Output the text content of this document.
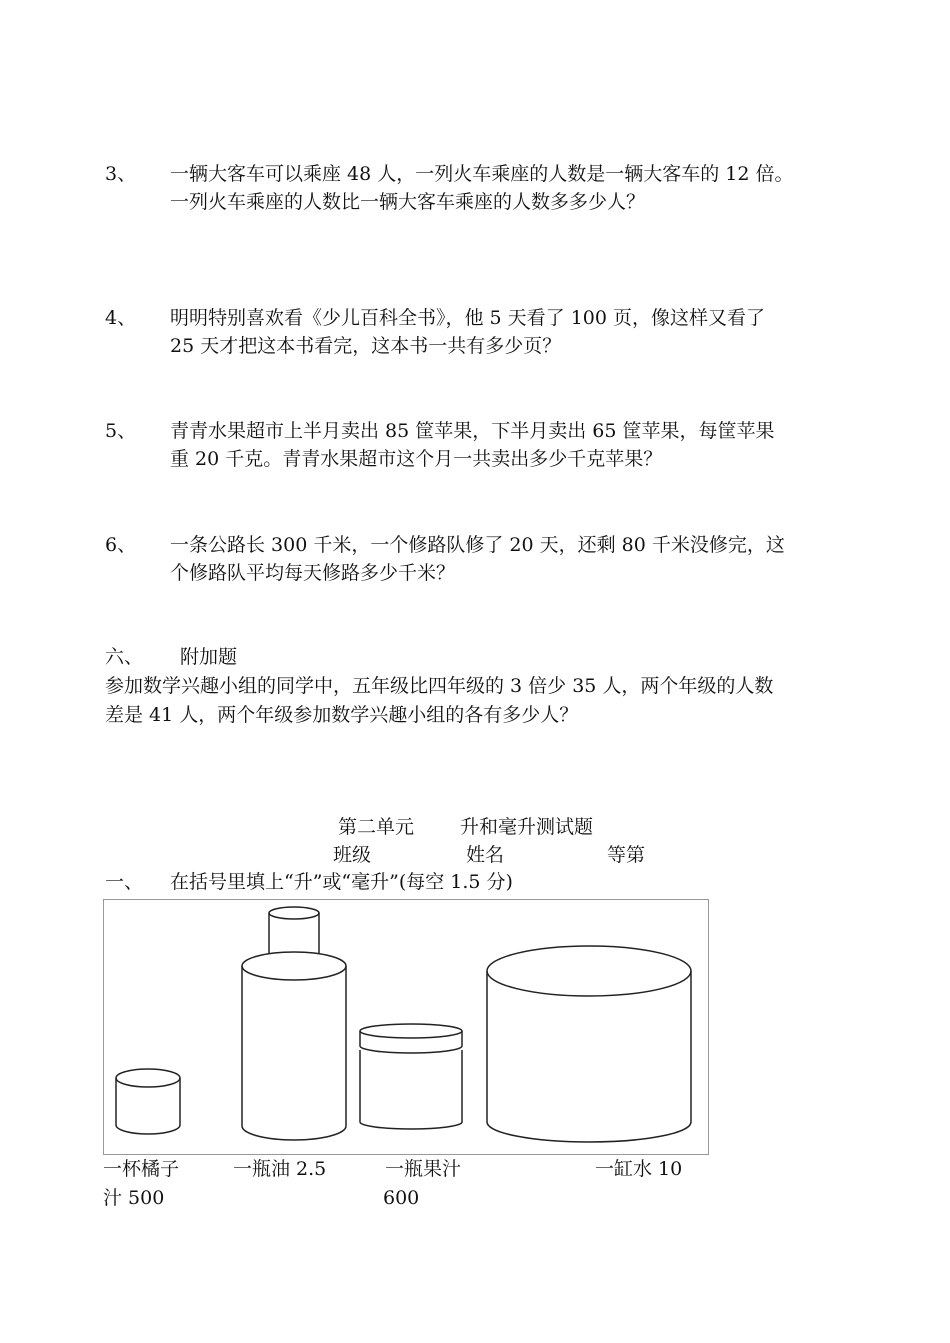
3、 一辆大客车可以乘座 48 人，一列火车乘座的人数是一辆大客车的 12 倍。
一列火车乘座的人数比一辆大客车乘座的人数多多少人？
4、 明明特别喜欢看《少儿百科全书》，他 5 天看了 100 页，像这样又看了
25 天才把这本书看完，这本书一共有多少页？
5、 青青水果超市上半月卖出 85 筐苹果，下半月卖出 65 筐苹果，每筐苹果
重 20 千克。青青水果超市这个月一共卖出多少千克苹果？
6、 一条公路长 300 千米，一个修路队修了 20 天，还剩 80 千米没修完，这
个修路队平均每天修路多少千米？
六、 附加题
参加数学兴趣小组的同学中，五年级比四年级的 3 倍少 35 人，两个年级的人数
差是 41 人，两个年级参加数学兴趣小组的各有多少人？
第二单元 升和毫升测试题
班级	姓名	等第
一、 在括号里填上“升”或“毫升”(每空 1.5 分)
一杯橘子
汁 500
一瓶油 2.5	一瓶果汁
600
一缸水 10
